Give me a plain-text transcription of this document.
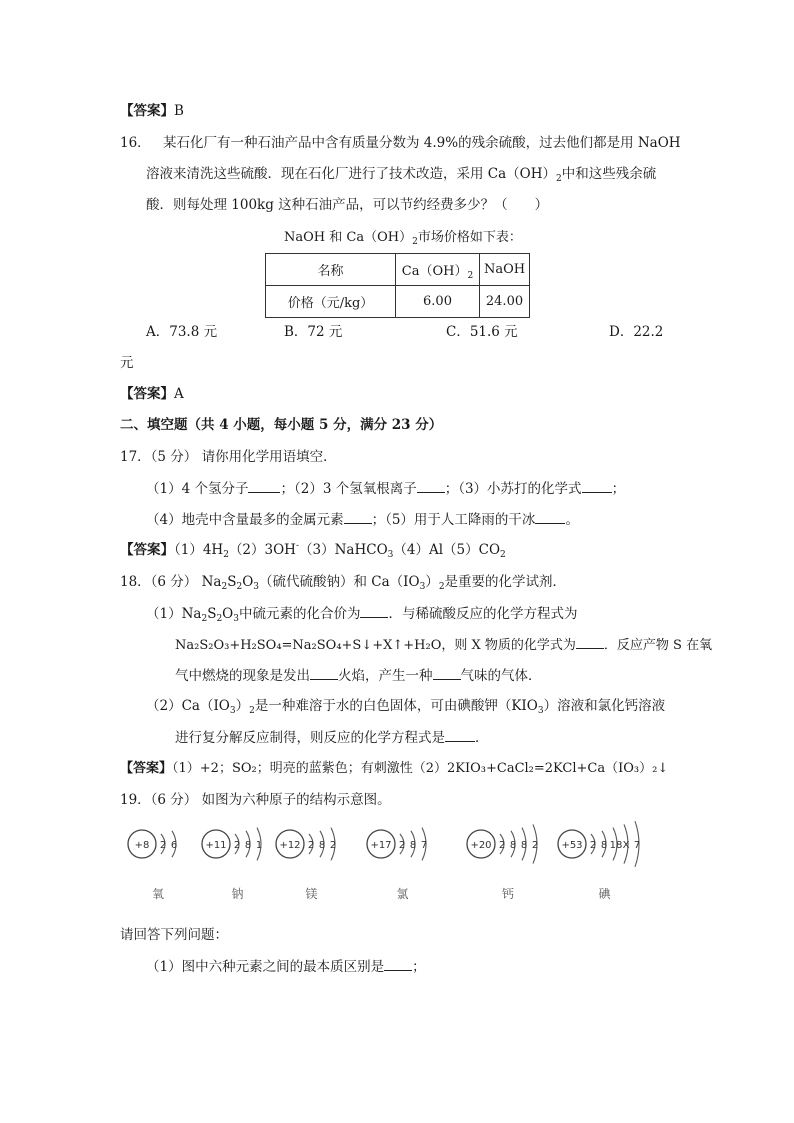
【答案】B
16． 某石化厂有一种石油产品中含有质量分数为 4.9%的残余硫酸，过去他们都是用 NaOH
溶液来清洗这些硫酸．现在石化厂进行了技术改造，采用 $Ca(OH)_2$中和这些残余硫
酸．则每处理 100kg 这种石油产品，可以节约经费多少？（　　）
NaOH 和 $Ca(OH)_2$市场价格如下表：
名称	$Ca(OH)_2$	NaOH
价格（元/kg）	6.00	24.00
A．73.8 元	B．72 元	C．51.6 元	D．22.2
元
【答案】A
二、填空题（共 4 小题，每小题 5 分，满分 23 分）
17．（5 分） 请你用化学用语填空．
（1）4 个氢分子 ；（2）3 个氢氧根离子 ；（3）小苏打的化学式 ；
（4）地壳中含量最多的金属元素 ；（5）用于人工降雨的干冰 。
【答案】$(1)4H_2(2)3OH^-(3)NaHCO_3(4)Al(5)CO_2$
18．（6 分） $Na_2S_2O_3$（硫代硫酸钠）和 $Ca(IO_3)_2$是重要的化学试剂．
$(1)Na_2S_2O_3$中硫元素的化合价为 ．与稀硫酸反应的化学方程式为
Na₂S₂O₃+H₂SO₄=Na₂SO₄+S↓+X↑+H₂O，则 X 物质的化学式为 ．反应产物 S 在氧
气中燃烧的现象是发出 火焰，产生一种 气味的气体．
$(2)Ca(IO_3)_2$是一种难溶于水的白色固体，可由碘酸钾$(KIO_3)$溶液和氯化钙溶液
进行复分解反应制得，则反应的化学方程式是 ．
【答案】（1）+2；SO₂；明亮的蓝紫色；有刺激性（2）2KIO₃+CaCl₂=2KCl+Ca（IO₃）₂↓
19．（6 分） 如图为六种原子的结构示意图。
+8 2 6
氧
+11 2 8 1
钠
+12 2 8 2
镁
+17 2 8 7
氯
+20 2 8 8 2
钙
+53 2 8 18 X 7
碘
请回答下列问题：
（1）图中六种元素之间的最本质区别是 ；
